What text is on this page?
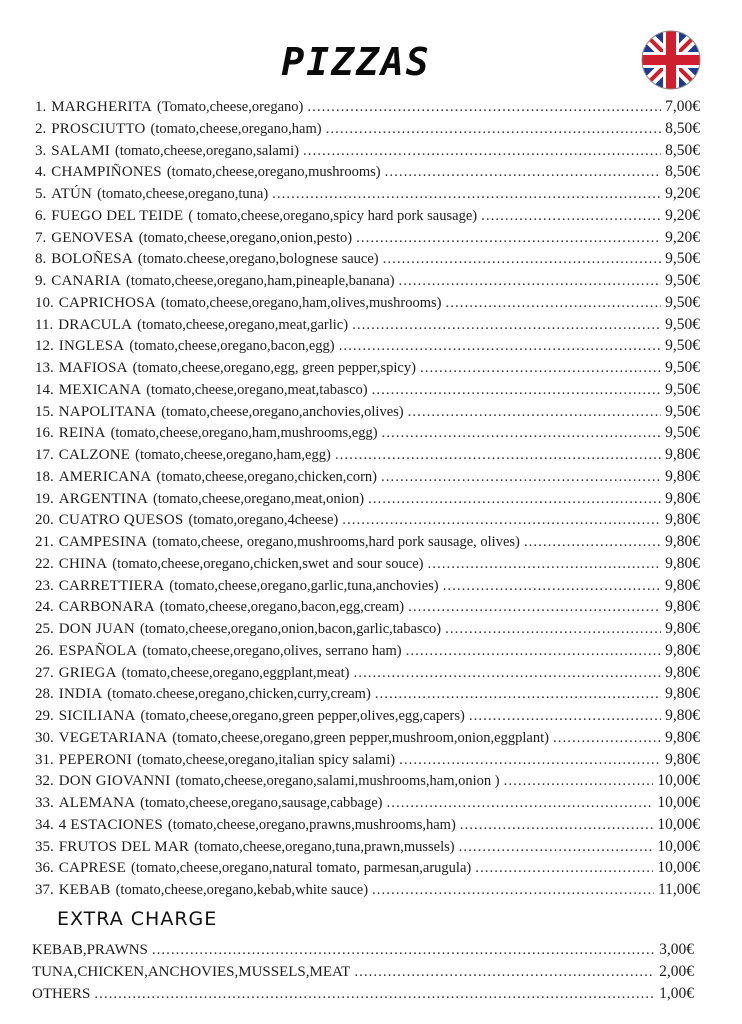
PIZZAS
1. MARGHERITA (Tomato,cheese,oregano) .....	7,00€
2. PROSCIUTTO (tomato,cheese,oregano,ham) .....	8,50€
3. SALAMI (tomato,cheese,oregano,salami) .....	8,50€
4. CHAMPIÑONES (tomato,cheese,oregano,mushrooms) .....	8,50€
5. ATÚN (tomato,cheese,oregano,tuna) .....	9,20€
6. FUEGO DEL TEIDE ( tomato,cheese,oregano,spicy hard pork sausage) .....	9,20€
7. GENOVESA (tomato,cheese,oregano,onion,pesto) .....	9,20€
8. BOLOÑESA (tomato.cheese,oregano,bolognese sauce) .....	9,50€
9. CANARIA (tomato,cheese,oregano,ham,pineaple,banana) .....	9,50€
10. CAPRICHOSA (tomato,cheese,oregano,ham,olives,mushrooms) .....	9,50€
11. DRACULA (tomato,cheese,oregano,meat,garlic) .....	9,50€
12. INGLESA (tomato,cheese,oregano,bacon,egg) .....	9,50€
13. MAFIOSA (tomato,cheese,oregano,egg, green pepper,spicy) .....	9,50€
14. MEXICANA (tomato,cheese,oregano,meat,tabasco) .....	9,50€
15. NAPOLITANA (tomato,cheese,oregano,anchovies,olives) .....	9,50€
16. REINA (tomato,cheese,oregano,ham,mushrooms,egg) .....	9,50€
17. CALZONE (tomato,cheese,oregano,ham,egg) .....	9,80€
18. AMERICANA (tomato,cheese,oregano,chicken,corn) .....	9,80€
19. ARGENTINA (tomato,cheese,oregano,meat,onion) .....	9,80€
20. CUATRO QUESOS (tomato,oregano,4cheese) .....	9,80€
21. CAMPESINA (tomato,cheese, oregano,mushrooms,hard pork sausage, olives) .....	9,80€
22. CHINA (tomato,cheese,oregano,chicken,swet and sour souce) .....	9,80€
23. CARRETTIERA (tomato,cheese,oregano,garlic,tuna,anchovies) .....	9,80€
24. CARBONARA (tomato,cheese,oregano,bacon,egg,cream) .....	9,80€
25. DON JUAN (tomato,cheese,oregano,onion,bacon,garlic,tabasco) .....	9,80€
26. ESPAÑOLA (tomato,cheese,oregano,olives, serrano ham) .....	9,80€
27. GRIEGA (tomato,cheese,oregano,eggplant,meat) .....	9,80€
28. INDIA (tomato.cheese,oregano,chicken,curry,cream) .....	9,80€
29. SICILIANA (tomato,cheese,oregano,green pepper,olives,egg,capers) .....	9,80€
30. VEGETARIANA (tomato,cheese,oregano,green pepper,mushroom,onion,eggplant) .....	9,80€
31. PEPERONI (tomato,cheese,oregano,italian spicy salami) .....	9,80€
32. DON GIOVANNI (tomato,cheese,oregano,salami,mushrooms,ham,onion ) .....	10,00€
33. ALEMANA (tomato,cheese,oregano,sausage,cabbage) .....	10,00€
34. 4 ESTACIONES (tomato,cheese,oregano,prawns,mushrooms,ham) .....	10,00€
35. FRUTOS DEL MAR (tomato,cheese,oregano,tuna,prawn,mussels) .....	10,00€
36. CAPRESE (tomato,cheese,oregano,natural tomato, parmesan,arugula) .....	10,00€
37. KEBAB (tomato,cheese,oregano,kebab,white sauce) .....	11,00€
EXTRA CHARGE
KEBAB,PRAWNS .....	3,00€
TUNA,CHICKEN,ANCHOVIES,MUSSELS,MEAT .....	2,00€
OTHERS .....	1,00€
